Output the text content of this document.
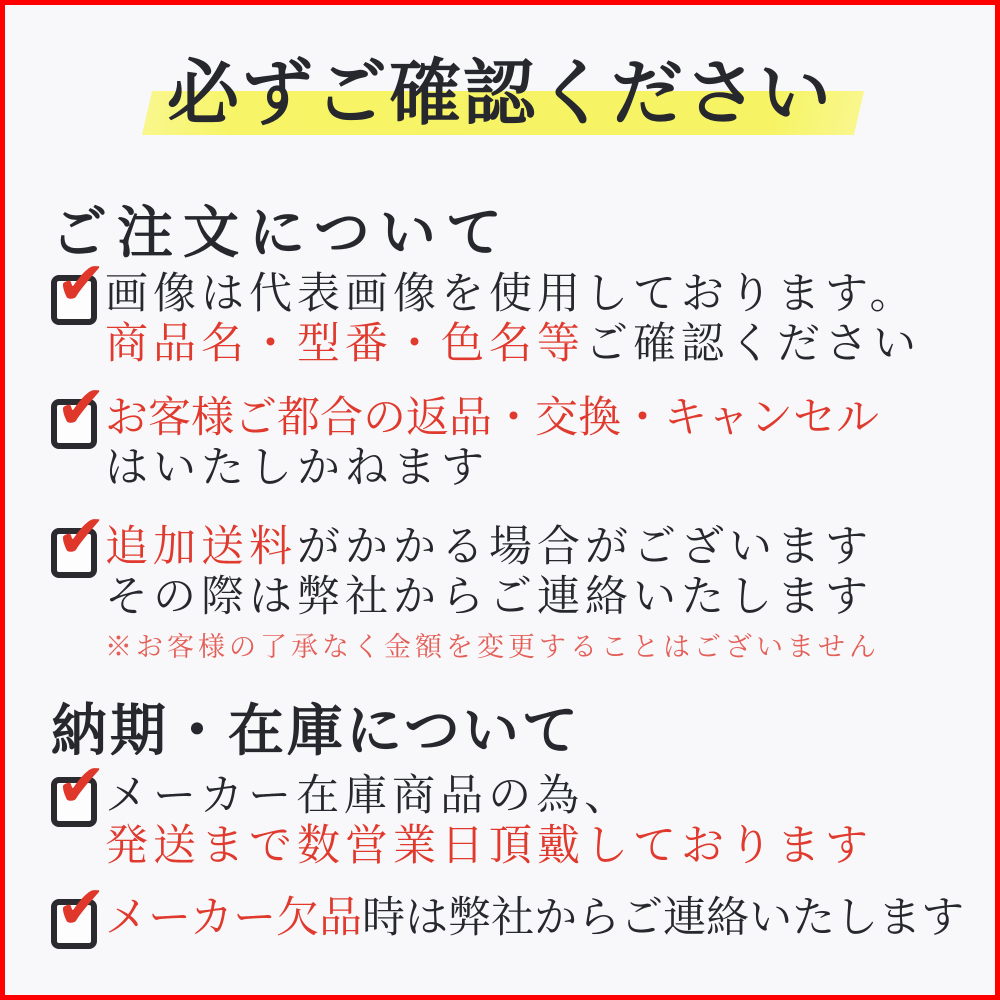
必ずご確認ください
ご注文について
✔

画像は代表画像を使用しております。

商品名・型番・色名等ご確認ください

✔

お客様ご都合の返品・交換・キャンセル

はいたしかねます

✔

追加送料がかかる場合がございます

その際は弊社からご連絡いたします

※お客様の了承なく金額を変更することはございません

納期・在庫について
✔

メーカー在庫商品の為、

発送まで数営業日頂戴しております

✔

メーカー欠品時は弊社からご連絡いたします
